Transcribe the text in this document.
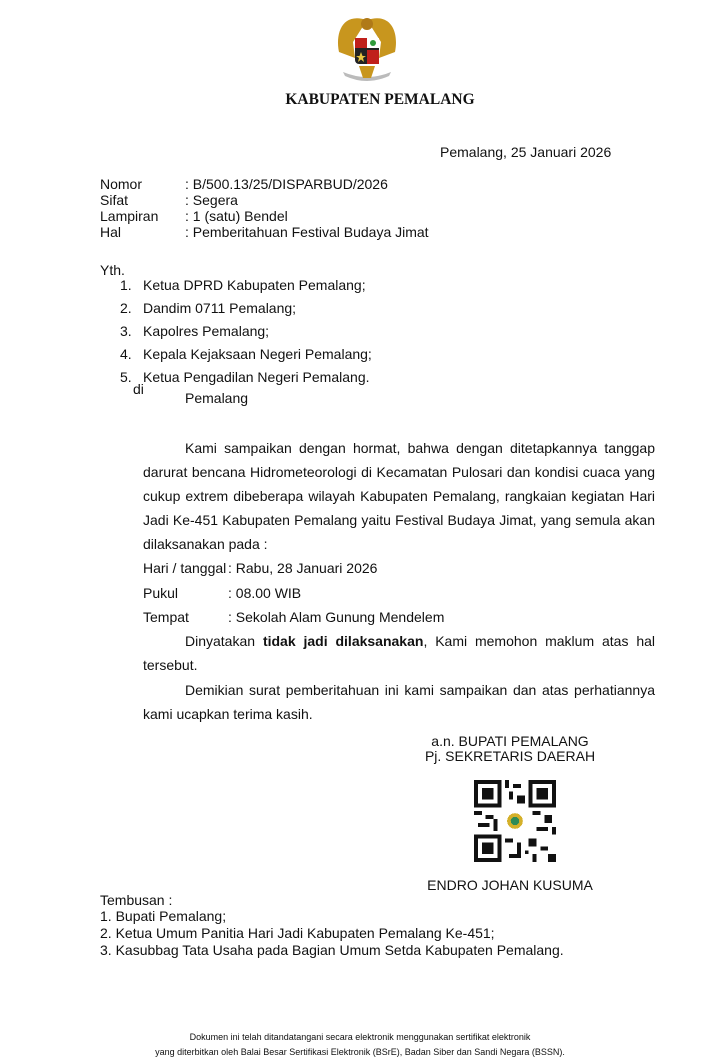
KABUPATEN PEMALANG
Pemalang, 25 Januari 2026
Nomor	: B/500.13/25/DISPARBUD/2026
Sifat	: Segera
Lampiran : 1 (satu) Bendel
Hal	: Pemberitahuan Festival Budaya Jimat
Yth.
1. Ketua DPRD Kabupaten Pemalang;
2. Dandim 0711 Pemalang;
3. Kapolres Pemalang;
4. Kepala Kejaksaan Negeri Pemalang;
5. Ketua Pengadilan Negeri Pemalang.
di
Pemalang
Kami sampaikan dengan hormat, bahwa dengan ditetapkannya tanggap
darurat bencana Hidrometeorologi di Kecamatan Pulosari dan kondisi cuaca yang
cukup extrem dibeberapa wilayah Kabupaten Pemalang, rangkaian kegiatan Hari
Jadi Ke-451 Kabupaten Pemalang yaitu Festival Budaya Jimat, yang semula akan
dilaksanakan pada :
Hari / tanggal : Rabu, 28 Januari 2026
Pukul	: 08.00 WIB
Tempat	: Sekolah Alam Gunung Mendelem
Dinyatakan tidak jadi dilaksanakan, Kami memohon maklum atas hal
tersebut.
Demikian surat pemberitahuan ini kami sampaikan dan atas perhatiannya
kami ucapkan terima kasih.
a.n. BUPATI PEMALANG
Pj. SEKRETARIS DAERAH
ENDRO JOHAN KUSUMA
Tembusan :
1. Bupati Pemalang;
2. Ketua Umum Panitia Hari Jadi Kabupaten Pemalang Ke-451;
3. Kasubbag Tata Usaha pada Bagian Umum Setda Kabupaten Pemalang.
Dokumen ini telah ditandatangani secara elektronik menggunakan sertifikat elektronik
yang diterbitkan oleh Balai Besar Sertifikasi Elektronik (BSrE), Badan Siber dan Sandi Negara (BSSN).
